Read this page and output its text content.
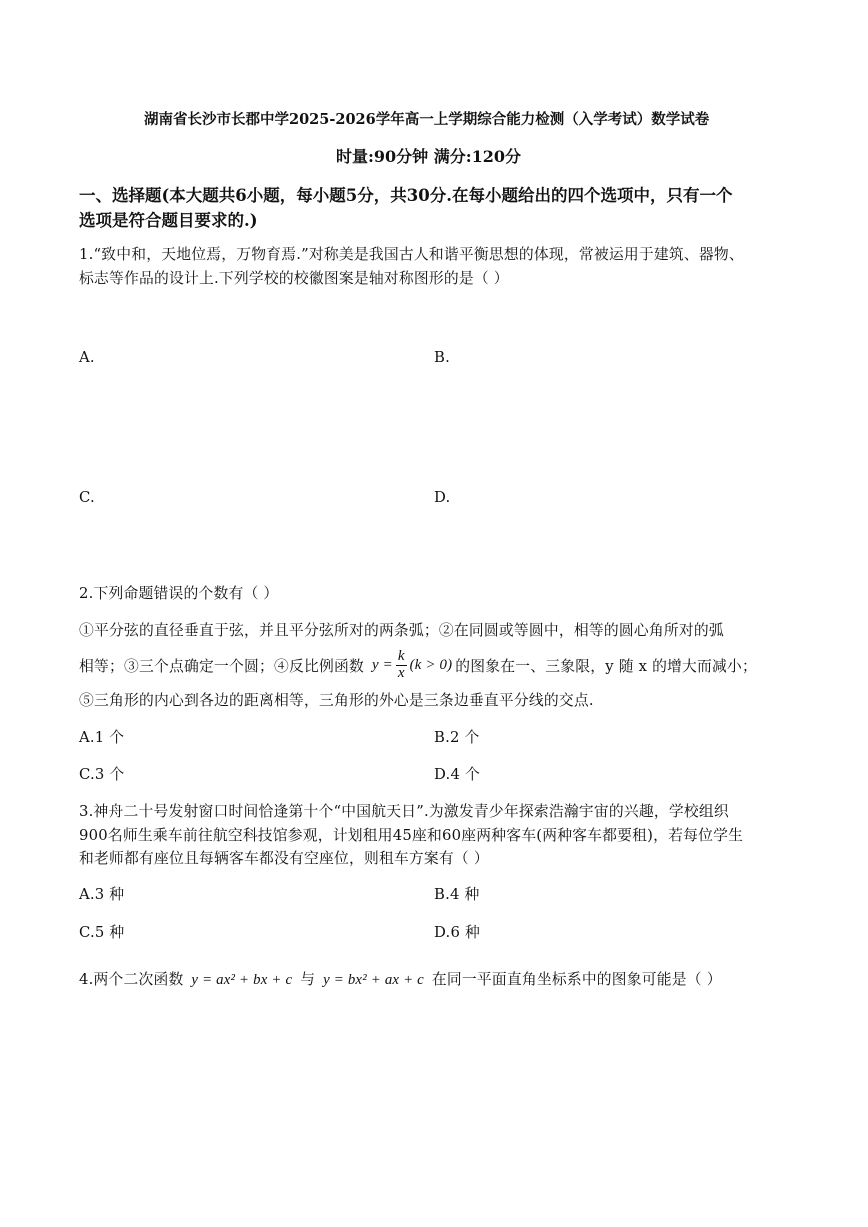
湖南省长沙市长郡中学2025-2026学年高一上学期综合能力检测（入学考试）数学试卷
时量:90分钟 满分:120分
一、选择题(本大题共6小题，每小题5分，共30分.在每小题给出的四个选项中，只有一个
选项是符合题目要求的.)
1.“致中和，天地位焉，万物育焉.”对称美是我国古人和谐平衡思想的体现，常被运用于建筑、器物、
标志等作品的设计上.下列学校的校徽图案是轴对称图形的是（ ）
A.	B.
C.	D.
2.下列命题错误的个数有（ ）
①平分弦的直径垂直于弦，并且平分弦所对的两条弧；②在同圆或等圆中，相等的圆心角所对的弧
相等；③三个点确定一个圆；④反比例函数 $y = \frac{k}{x} (k > 0)$ 的图象在一、三象限，y 随 x 的增大而减小；
⑤三角形的内心到各边的距离相等，三角形的外心是三条边垂直平分线的交点.
A.1 个	B.2 个
C.3 个	D.4 个
3.神舟二十号发射窗口时间恰逢第十个“中国航天日”.为激发青少年探索浩瀚宇宙的兴趣，学校组织
900名师生乘车前往航空科技馆参观，计划租用45座和60座两种客车(两种客车都要租)，若每位学生
和老师都有座位且每辆客车都没有空座位，则租车方案有（ ）
A.3 种	B.4 种
C.5 种	D.6 种
4.两个二次函数 y = ax² + bx + c 与 y = bx² + ax + c 在同一平面直角坐标系中的图象可能是（ ）
